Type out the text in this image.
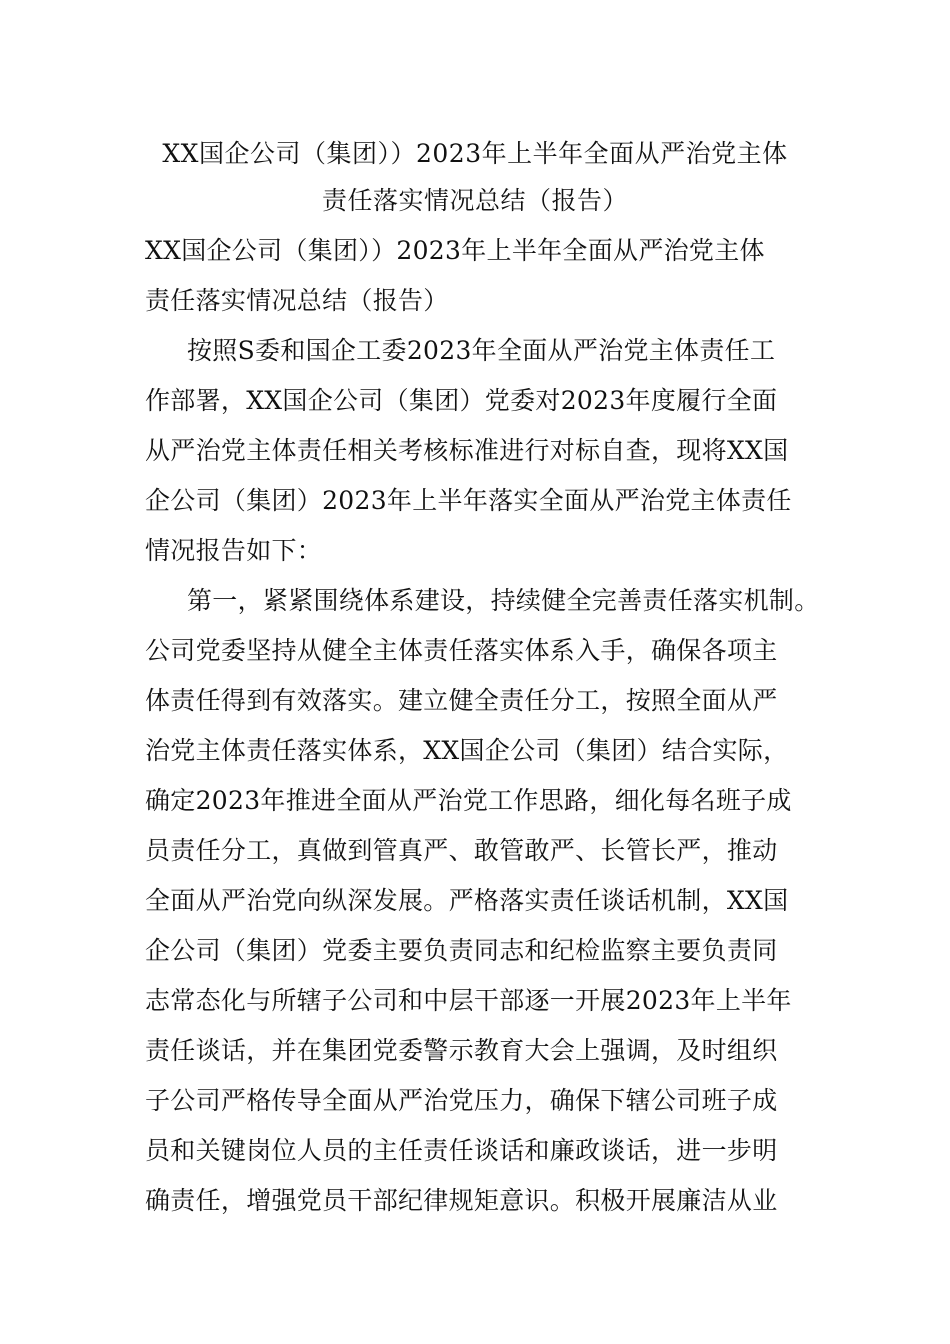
XX国企公司（集团））2023年上半年全面从严治党主体
责任落实情况总结（报告）
XX国企公司（集团））2023年上半年全面从严治党主体
责任落实情况总结（报告）
按照S委和国企工委2023年全面从严治党主体责任工
作部署，XX国企公司（集团）党委对2023年度履行全面
从严治党主体责任相关考核标准进行对标自查，现将XX国
企公司（集团）2023年上半年落实全面从严治党主体责任
情况报告如下：
第一，紧紧围绕体系建设，持续健全完善责任落实机制。
公司党委坚持从健全主体责任落实体系入手，确保各项主
体责任得到有效落实。建立健全责任分工，按照全面从严
治党主体责任落实体系，XX国企公司（集团）结合实际，
确定2023年推进全面从严治党工作思路，细化每名班子成
员责任分工，真做到管真严、敢管敢严、长管长严，推动
全面从严治党向纵深发展。严格落实责任谈话机制，XX国
企公司（集团）党委主要负责同志和纪检监察主要负责同
志常态化与所辖子公司和中层干部逐一开展2023年上半年
责任谈话，并在集团党委警示教育大会上强调，及时组织
子公司严格传导全面从严治党压力，确保下辖公司班子成
员和关键岗位人员的主任责任谈话和廉政谈话，进一步明
确责任，增强党员干部纪律规矩意识。积极开展廉洁从业
